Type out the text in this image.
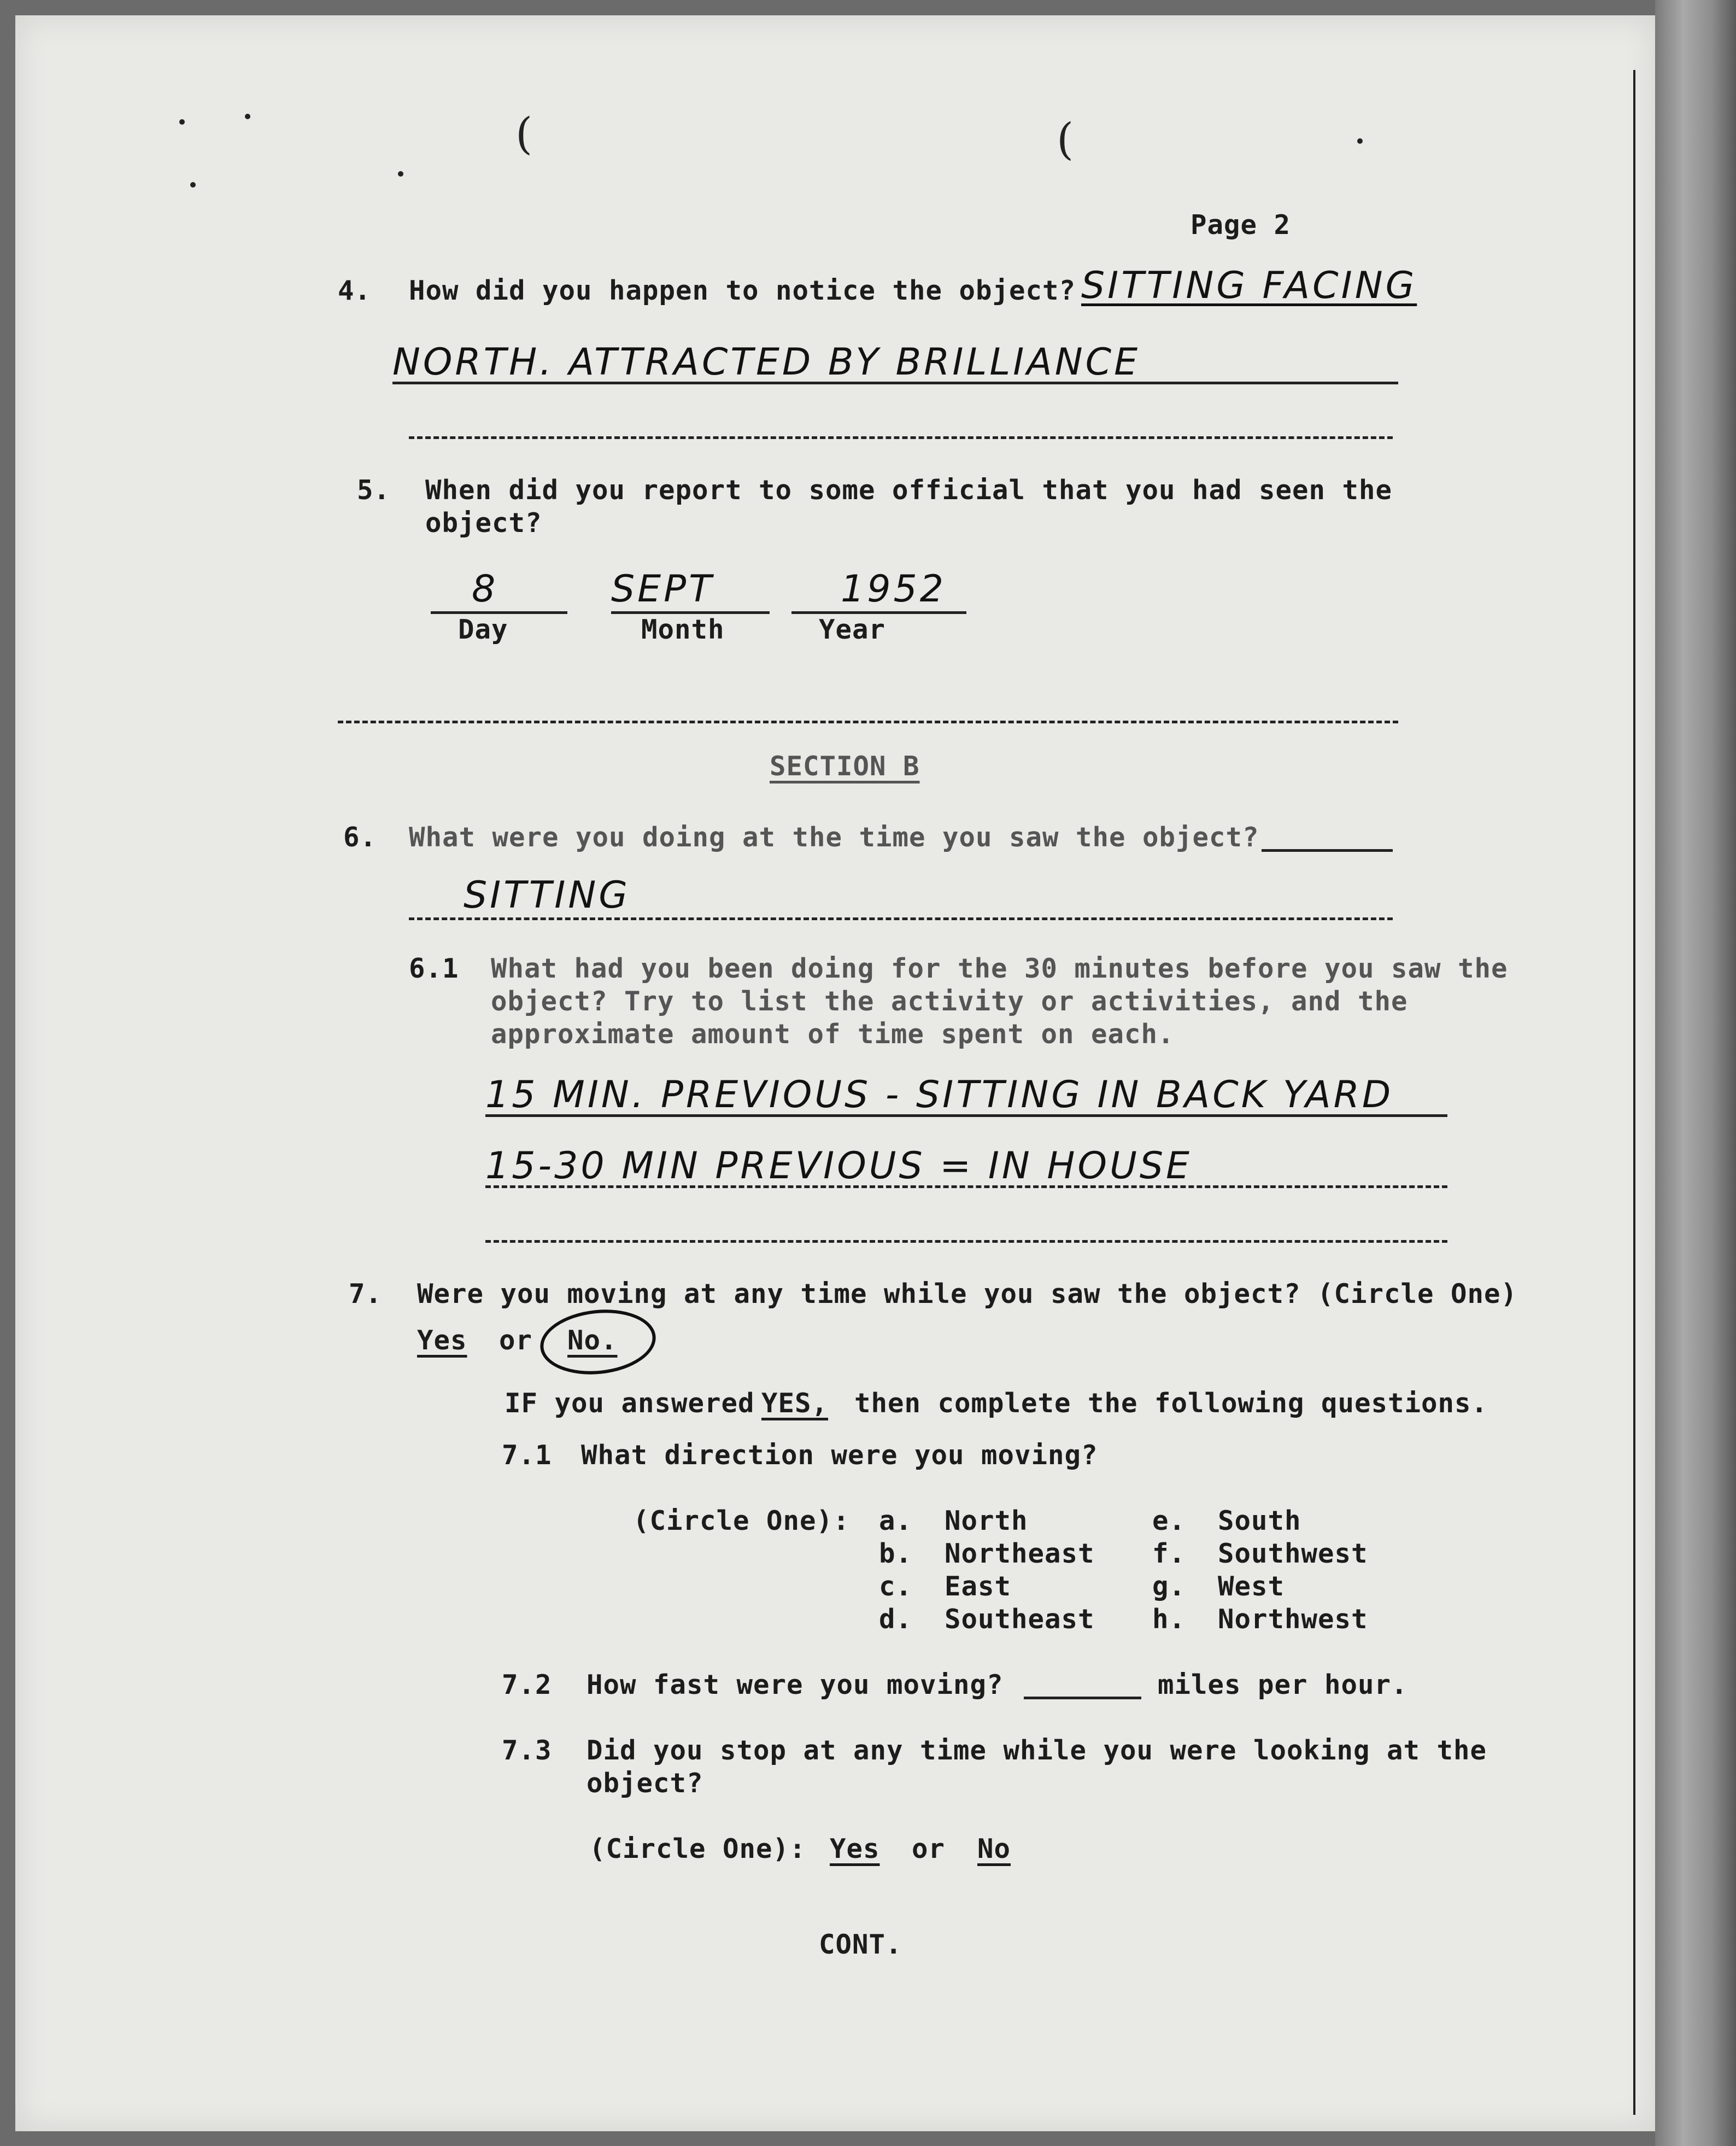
(	(
Page 2
4. How did you happen to notice the object? SITTING FACING
NORTH. ATTRACTED BY BRILLIANCE
5. When did you report to some official that you had seen the
object?
8	SEPT	1952
Day	Month	Year
SECTION B
6. What were you doing at the time you saw the object?
SITTING
6.1 What had you been doing for the 30 minutes before you saw the
object? Try to list the activity or activities, and the
approximate amount of time spent on each.
15 MIN. PREVIOUS - SITTING IN BACK YARD
15-30 MIN PREVIOUS = IN HOUSE
7. Were you moving at any time while you saw the object? (Circle One)
Yes or No.
IF you answered YES, then complete the following questions.
7.1 What direction were you moving?
(Circle One): a. North
b. Northeast
c. East
d. Southeast
e. South
f. Southwest
g. West
h. Northwest
7.2 How fast were you moving?	miles per hour.
7.3 Did you stop at any time while you were looking at the
object?
(Circle One): Yes or No
CONT.
